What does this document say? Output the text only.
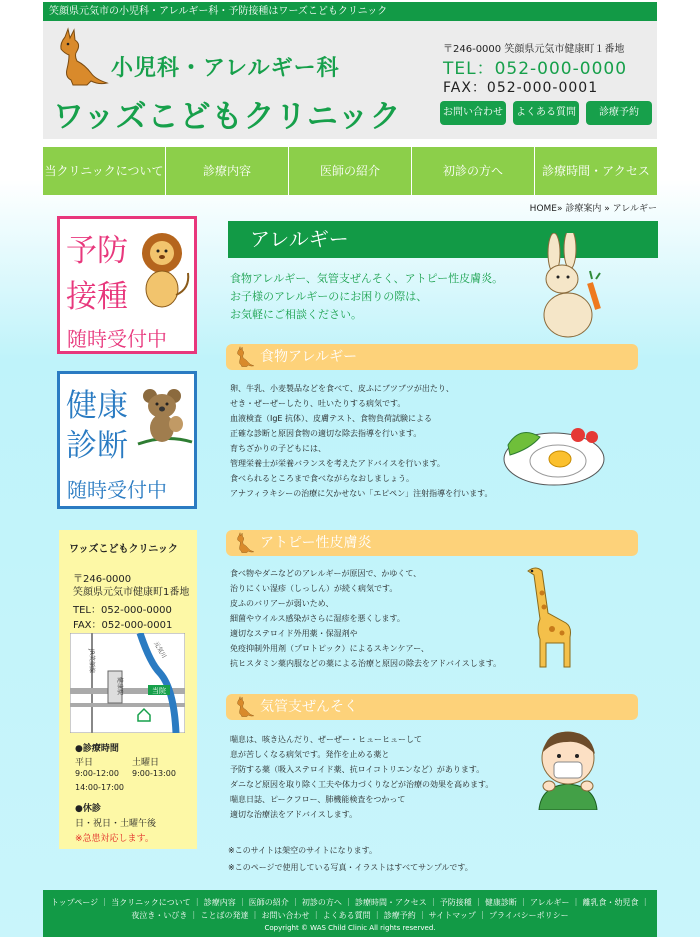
笑顔県元気市の小児科・アレルギー科・予防接種はワーズこどもクリニック
小児科・アレルギー科
ワッズこどもクリニック
〒246-0000 笑顔県元気市健康町１番地
TEL：052-000-0000
FAX：052-000-0001
お問い合わせ	よくある質問	診療予約
当クリニックについて	診療内容	医師の紹介	初診の方へ	診療時間・アクセス
HOME» 診療案内 » アレルギー
予防
接種
随時受付中
健康
診断
随時受付中
ワッズこどもクリニック
〒246-0000
笑顔県元気市健康町1番地
TEL：052-000-0000
FAX：052-000-0001
当院
JR笑顔線	元気川
健康駅
●診療時間
平日	土曜日
9:00-12:00 9:00-13:00
14:00-17:00
●休診
日・祝日・土曜午後
※急患対応します。
アレルギー
食物アレルギー、気管支ぜんそく、アトピー性皮膚炎。
お子様のアレルギーのにお困りの際は、
お気軽にご相談ください。
食物アレルギー
卵、牛乳、小麦製品などを食べて、皮ふにブツブツが出たり、
せき・ぜーぜーしたり、吐いたりする病気です。
血液検査（IgE 抗体）、皮膚テスト、食物負荷試験による
正確な診断と原因食物の適切な除去指導を行います。
育ちざかりの子どもには、
管理栄養士が栄養バランスを考えたアドバイスを行います。
食べられるところまで食べながらなおしましょう。
アナフィラキシーの治療に欠かせない「エピペン」注射指導を行います。
アトピー性皮膚炎
食べ物やダニなどのアレルギーが原因で、かゆくて、
治りにくい湿疹（しっしん）が続く病気です。
皮ふのバリアーが弱いため、
細菌やウイルス感染がさらに湿疹を悪くします。
適切なステロイド外用薬・保湿剤や
免疫抑制外用剤（プロトピック）によるスキンケアー、
抗ヒスタミン薬内服などの薬による治療と原因の除去をアドバイスします。
気管支ぜんそく
喘息は、咳き込んだり、ぜーぜー・ヒューヒューして
息が苦しくなる病気です。発作を止める薬と
予防する薬（吸入ステロイド薬、抗ロイコトリエンなど）があります。
ダニなど原因を取り除く工夫や体力づくりなどが治療の効果を高めます。
喘息日誌、ピークフロー、肺機能検査をつかって
適切な治療法をアドバイスします。
※このサイトは架空のサイトになります。
※このページで使用している写真・イラストはすべてサンプルです。
トップページ ｜ 当クリニックについて ｜ 診療内容 ｜ 医師の紹介 ｜ 初診の方へ ｜ 診療時間・アクセス ｜ 予防接種 ｜ 健康診断 ｜ アレルギー ｜ 離乳食・幼児食 ｜
夜泣き・いびき ｜ ことばの発達 ｜ お問い合わせ ｜ よくある質問 ｜ 診療予約 ｜ サイトマップ ｜ プライバシーポリシー
Copyright © WAS Child Clinic All rights reserved.
